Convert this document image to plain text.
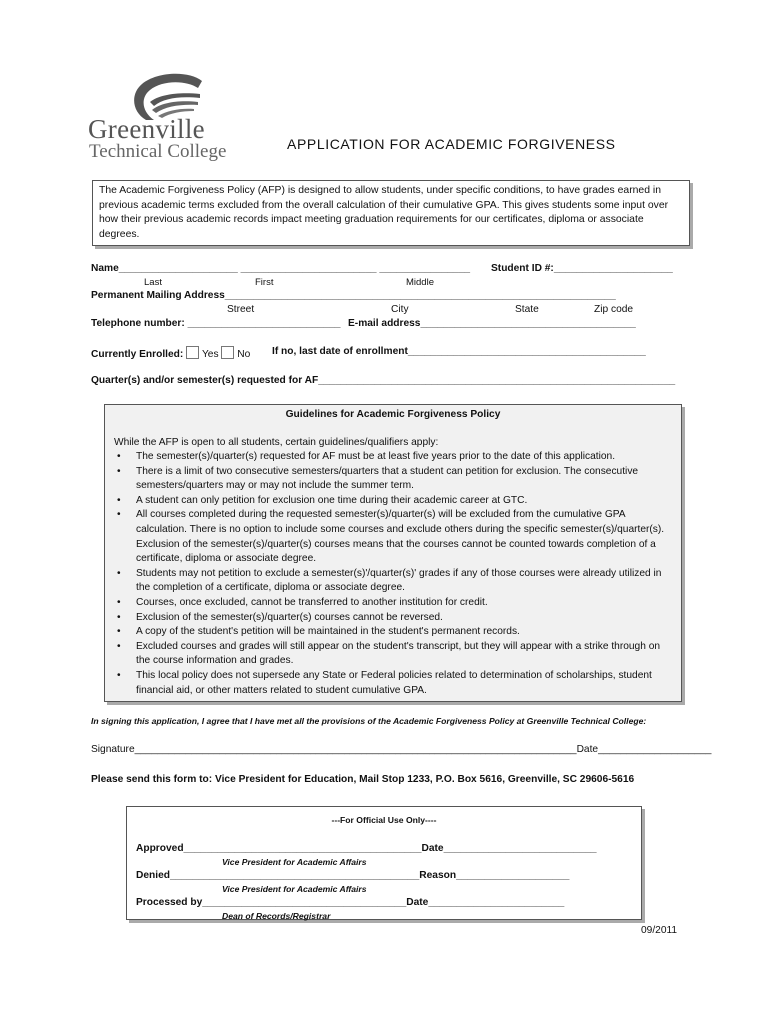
Greenville
Technical College	APPLICATION FOR ACADEMIC FORGIVENESS
The Academic Forgiveness Policy (AFP) is designed to allow students, under specific conditions, to have grades earned in previous academic terms excluded from the overall calculation of their cumulative GPA. This gives students some input over how their previous academic records impact meeting graduation requirements for our certificates, diploma or associate degrees.
Name_____________________ ________________________ ________________ Student ID #:_____________________
Last	First	Middle
Permanent Mailing Address_____________________________________________________________________
Street	City	State	Zip code
Telephone number: ___________________________ E-mail address______________________________________
Currently Enrolled: Yes No If no, last date of enrollment__________________________________________
Quarter(s) and/or semester(s) requested for AF_______________________________________________________________
Guidelines for Academic Forgiveness Policy
While the AFP is open to all students, certain guidelines/qualifiers apply:
• The semester(s)/quarter(s) requested for AF must be at least five years prior to the date of this application.
• There is a limit of two consecutive semesters/quarters that a student can petition for exclusion. The consecutive semesters/quarters may or may not include the summer term.
• A student can only petition for exclusion one time during their academic career at GTC.
• All courses completed during the requested semester(s)/quarter(s) will be excluded from the cumulative GPA calculation. There is no option to include some courses and exclude others during the specific semester(s)/quarter(s). Exclusion of the semester(s)/quarter(s) courses means that the courses cannot be counted towards completion of a certificate, diploma or associate degree.
• Students may not petition to exclude a semester(s)'/quarter(s)' grades if any of those courses were already utilized in the completion of a certificate, diploma or associate degree.
• Courses, once excluded, cannot be transferred to another institution for credit.
• Exclusion of the semester(s)/quarter(s) courses cannot be reversed.
• A copy of the student's petition will be maintained in the student's permanent records.
• Excluded courses and grades will still appear on the student's transcript, but they will appear with a strike through on the course information and grades.
• This local policy does not supersede any State or Federal policies related to determination of scholarships, student financial aid, or other matters related to student cumulative GPA.
In signing this application, I agree that I have met all the provisions of the Academic Forgiveness Policy at Greenville Technical College:
Signature______________________________________________________________________________Date____________________
Please send this form to: Vice President for Education, Mail Stop 1233, P.O. Box 5616, Greenville, SC 29606-5616
---For Official Use Only----
Approved__________________________________________Date___________________________
Vice President for Academic Affairs
Denied____________________________________________Reason____________________
Vice President for Academic Affairs
Processed by____________________________________Date________________________
Dean of Records/Registrar
09/2011
